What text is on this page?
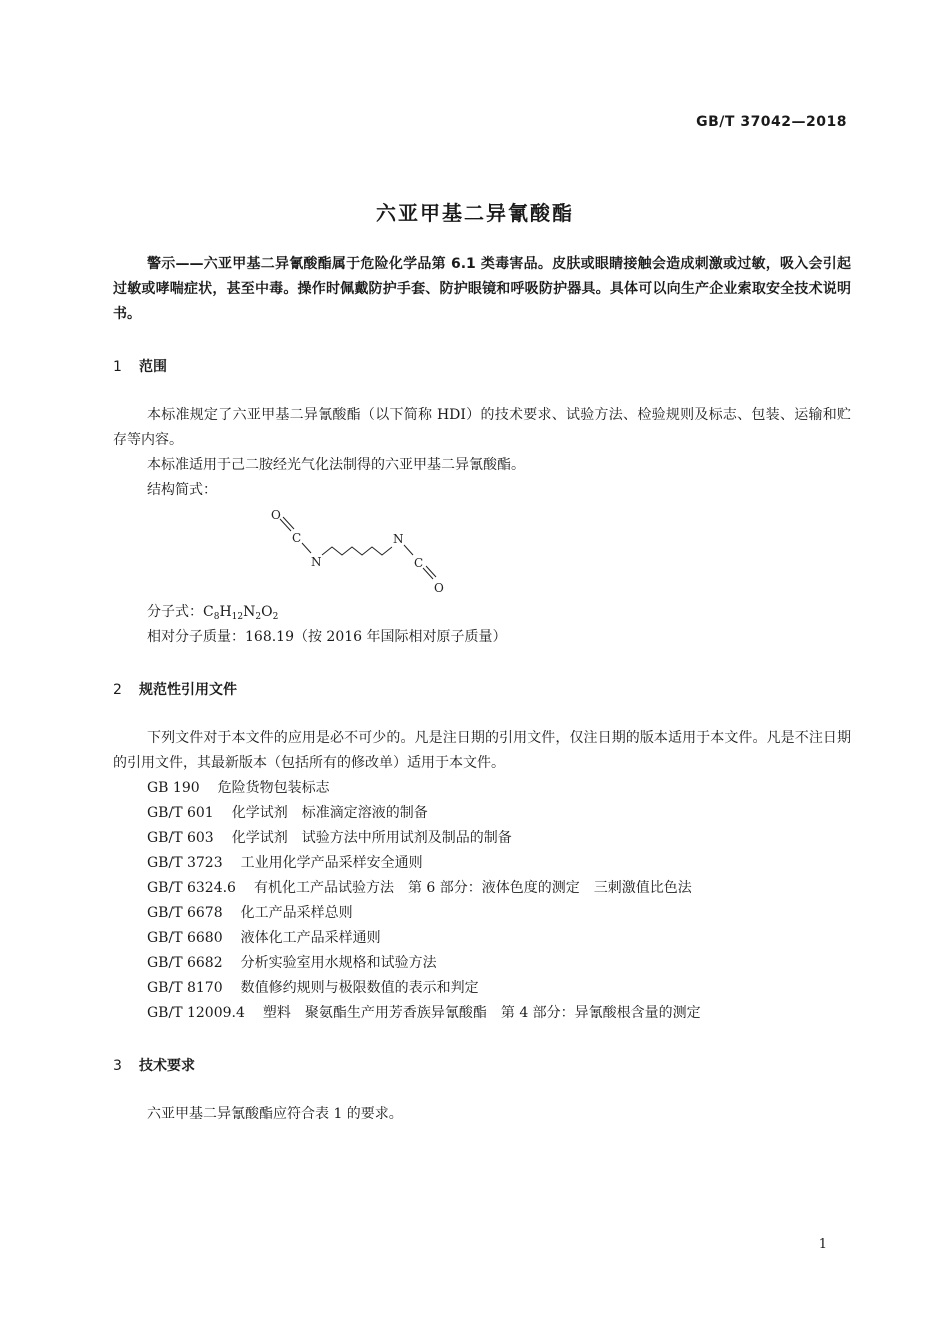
GB/T 37042—2018
六亚甲基二异氰酸酯

警示——六亚甲基二异氰酸酯属于危险化学品第 6.1 类毒害品。皮肤或眼睛接触会造成刺激或过敏，吸入会引起过敏或哮喘症状，甚至中毒。操作时佩戴防护手套、防护眼镜和呼吸防护器具。具体可以向生产企业索取安全技术说明书。

1 范围

本标准规定了六亚甲基二异氰酸酯（以下简称 HDI）的技术要求、试验方法、检验规则及标志、包装、运输和贮存等内容。

本标准适用于己二胺经光气化法制得的六亚甲基二异氰酸酯。
结构简式：
O
C
N
N
C
O
分子式：$C_8H_{12}N_2O_2$
相对分子质量：168.19（按 2016 年国际相对原子质量）
2 规范性引用文件

下列文件对于本文件的应用是必不可少的。凡是注日期的引用文件，仅注日期的版本适用于本文件。凡是不注日期的引用文件，其最新版本（包括所有的修改单）适用于本文件。

GB 190 危险货物包装标志
GB/T 601 化学试剂　标准滴定溶液的制备
GB/T 603 化学试剂　试验方法中所用试剂及制品的制备
GB/T 3723 工业用化学产品采样安全通则
GB/T 6324.6 有机化工产品试验方法　第 6 部分：液体色度的测定　三刺激值比色法
GB/T 6678 化工产品采样总则
GB/T 6680 液体化工产品采样通则
GB/T 6682 分析实验室用水规格和试验方法
GB/T 8170 数值修约规则与极限数值的表示和判定
GB/T 12009.4 塑料　聚氨酯生产用芳香族异氰酸酯　第 4 部分：异氰酸根含量的测定
3 技术要求
六亚甲基二异氰酸酯应符合表 1 的要求。
1
